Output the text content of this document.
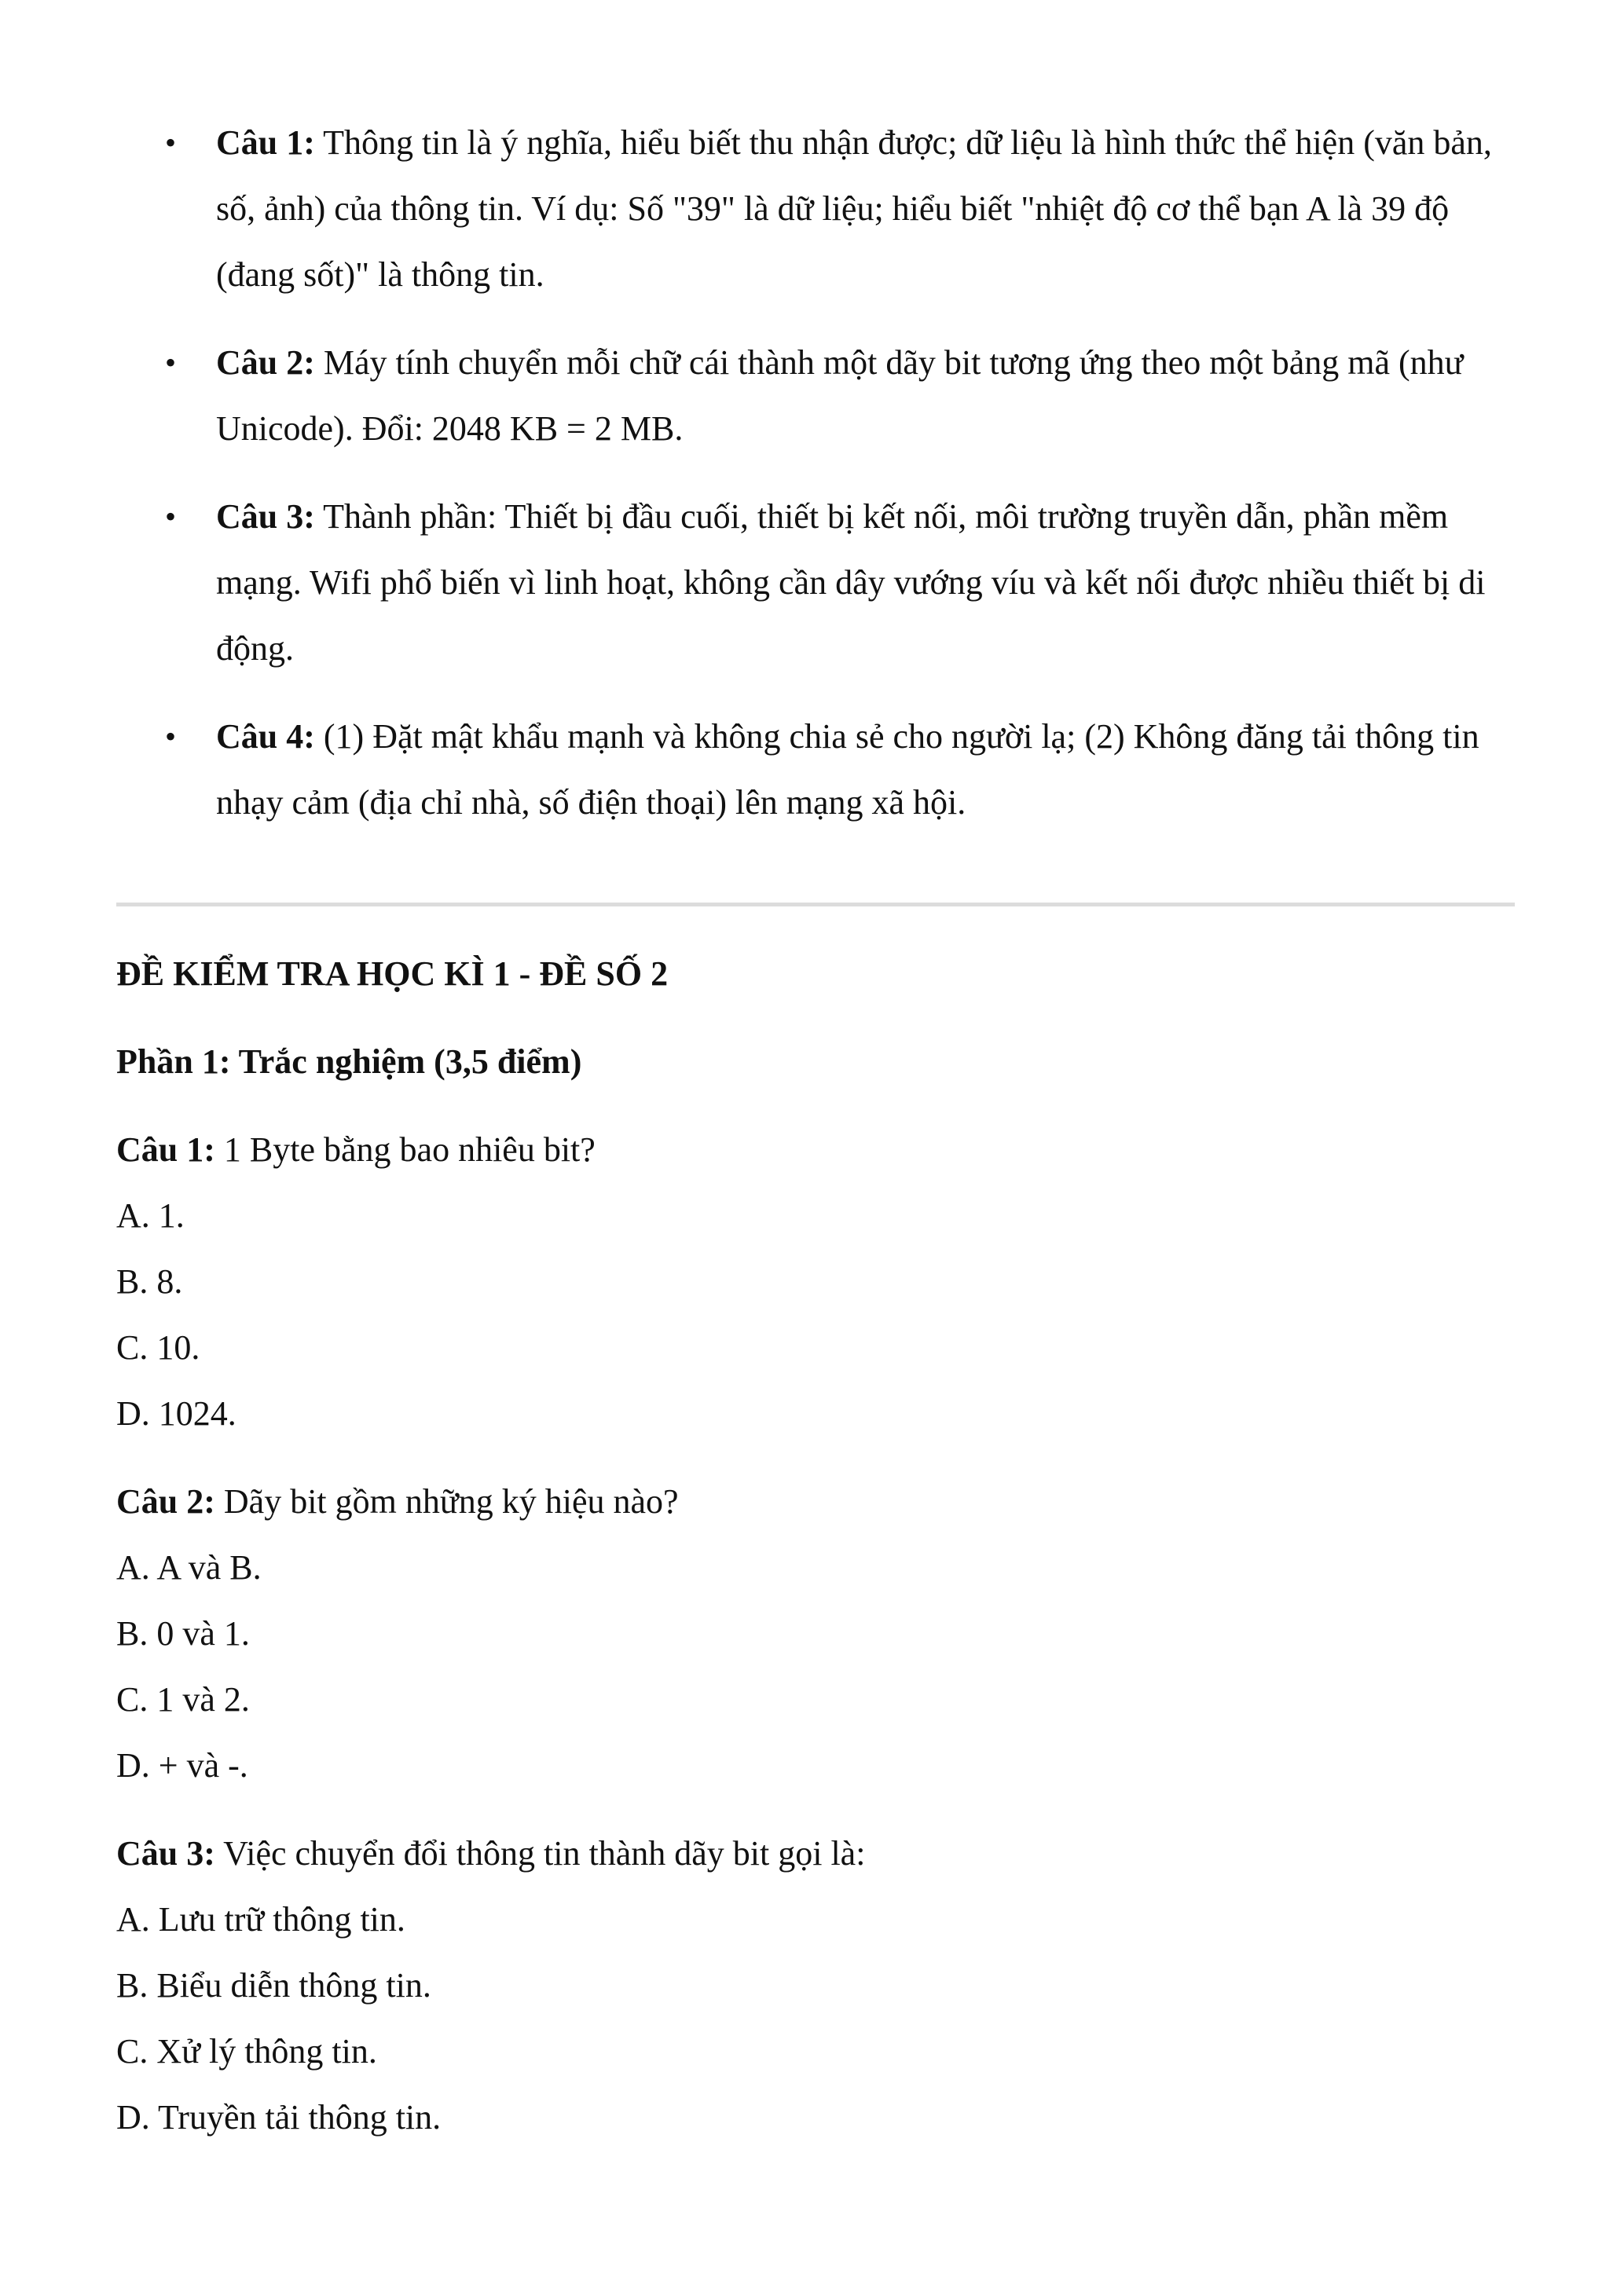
• Câu 1: Thông tin là ý nghĩa, hiểu biết thu nhận được; dữ liệu là hình thức thể hiện (văn bản, số, ảnh) của thông tin. Ví dụ: Số "39" là dữ liệu; hiểu biết "nhiệt độ cơ thể bạn A là 39 độ (đang sốt)" là thông tin.
• Câu 2: Máy tính chuyển mỗi chữ cái thành một dãy bit tương ứng theo một bảng mã (như Unicode). Đổi: 2048 KB = 2 MB.
• Câu 3: Thành phần: Thiết bị đầu cuối, thiết bị kết nối, môi trường truyền dẫn, phần mềm mạng. Wifi phổ biến vì linh hoạt, không cần dây vướng víu và kết nối được nhiều thiết bị di động.
• Câu 4: (1) Đặt mật khẩu mạnh và không chia sẻ cho người lạ; (2) Không đăng tải thông tin nhạy cảm (địa chỉ nhà, số điện thoại) lên mạng xã hội.
ĐỀ KIỂM TRA HỌC KÌ 1 - ĐỀ SỐ 2
Phần 1: Trắc nghiệm (3,5 điểm)
Câu 1: 1 Byte bằng bao nhiêu bit?
A. 1.
B. 8.
C. 10.
D. 1024.
Câu 2: Dãy bit gồm những ký hiệu nào?
A. A và B.
B. 0 và 1.
C. 1 và 2.
D. + và -.
Câu 3: Việc chuyển đổi thông tin thành dãy bit gọi là:
A. Lưu trữ thông tin.
B. Biểu diễn thông tin.
C. Xử lý thông tin.
D. Truyền tải thông tin.
